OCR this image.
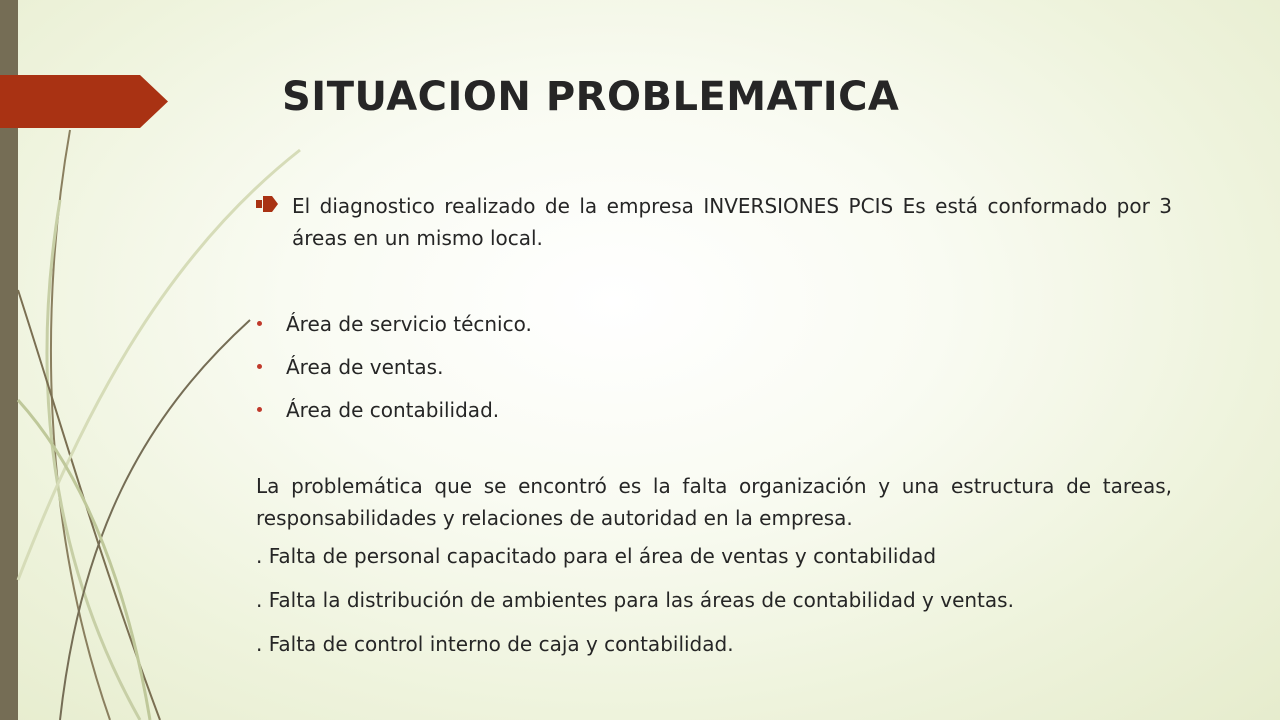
SITUACION PROBLEMATICA

El diagnostico realizado de la empresa INVERSIONES PCIS Es está conformado por 3 áreas en un mismo local.

Área de servicio técnico.
Área de ventas.
Área de contabilidad.

La problemática que se encontró es la falta organización y una estructura de tareas, responsabilidades y relaciones de autoridad en la empresa.

. Falta de personal capacitado para el área de ventas y contabilidad
. Falta la distribución de ambientes para las áreas de contabilidad y ventas.
. Falta de control interno de caja y contabilidad.
